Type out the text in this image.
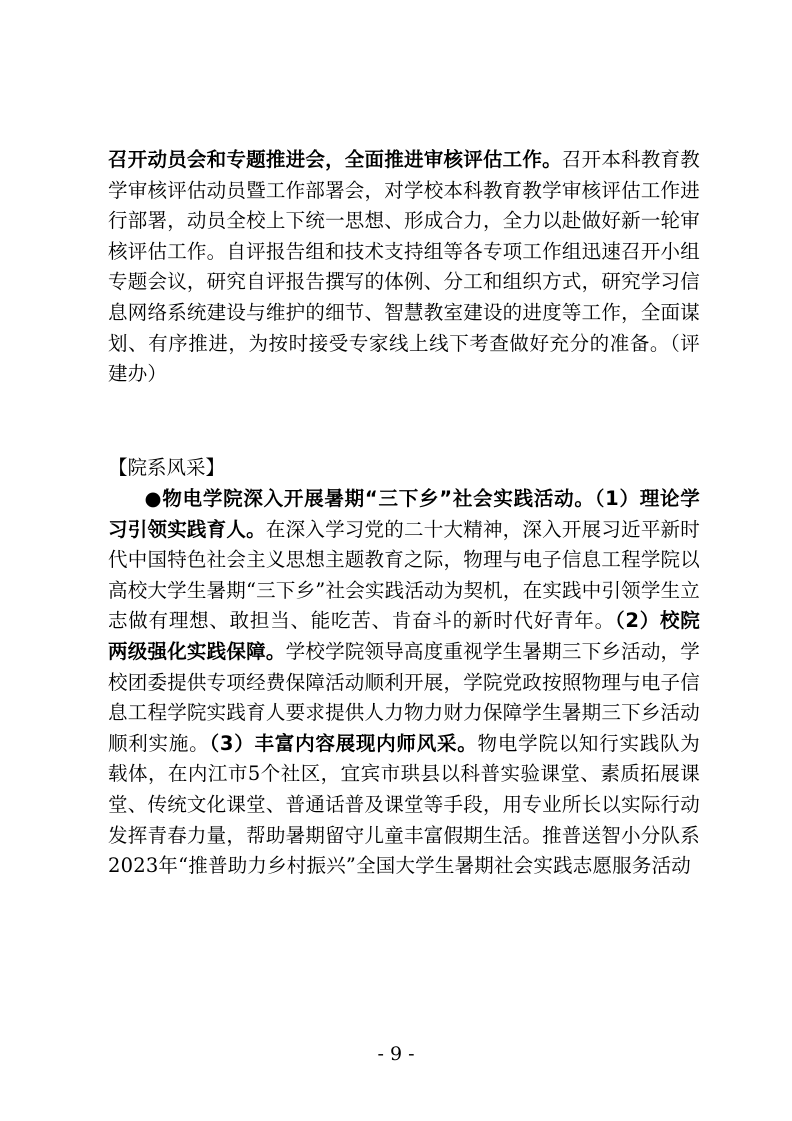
召开动员会和专题推进会，全面推进审核评估工作。召开本科教育教学审核评估动员暨工作部署会，对学校本科教育教学审核评估工作进行部署，动员全校上下统一思想、形成合力，全力以赴做好新一轮审核评估工作。自评报告组和技术支持组等各专项工作组迅速召开小组专题会议，研究自评报告撰写的体例、分工和组织方式，研究学习信息网络系统建设与维护的细节、智慧教室建设的进度等工作，全面谋划、有序推进，为按时接受专家线上线下考查做好充分的准备。（评建办）
【院系风采】
●物电学院深入开展暑期“三下乡”社会实践活动。（1）理论学习引领实践育人。在深入学习党的二十大精神，深入开展习近平新时代中国特色社会主义思想主题教育之际，物理与电子信息工程学院以高校大学生暑期“三下乡”社会实践活动为契机，在实践中引领学生立志做有理想、敢担当、能吃苦、肯奋斗的新时代好青年。（2）校院两级强化实践保障。学校学院领导高度重视学生暑期三下乡活动，学校团委提供专项经费保障活动顺利开展，学院党政按照物理与电子信息工程学院实践育人要求提供人力物力财力保障学生暑期三下乡活动顺利实施。（3）丰富内容展现内师风采。物电学院以知行实践队为载体，在内江市5个社区，宜宾市珙县以科普实验课堂、素质拓展课堂、传统文化课堂、普通话普及课堂等手段，用专业所长以实际行动发挥青春力量，帮助暑期留守儿童丰富假期生活。推普送智小分队系2023年“推普助力乡村振兴”全国大学生暑期社会实践志愿服务活动
- 9 -
